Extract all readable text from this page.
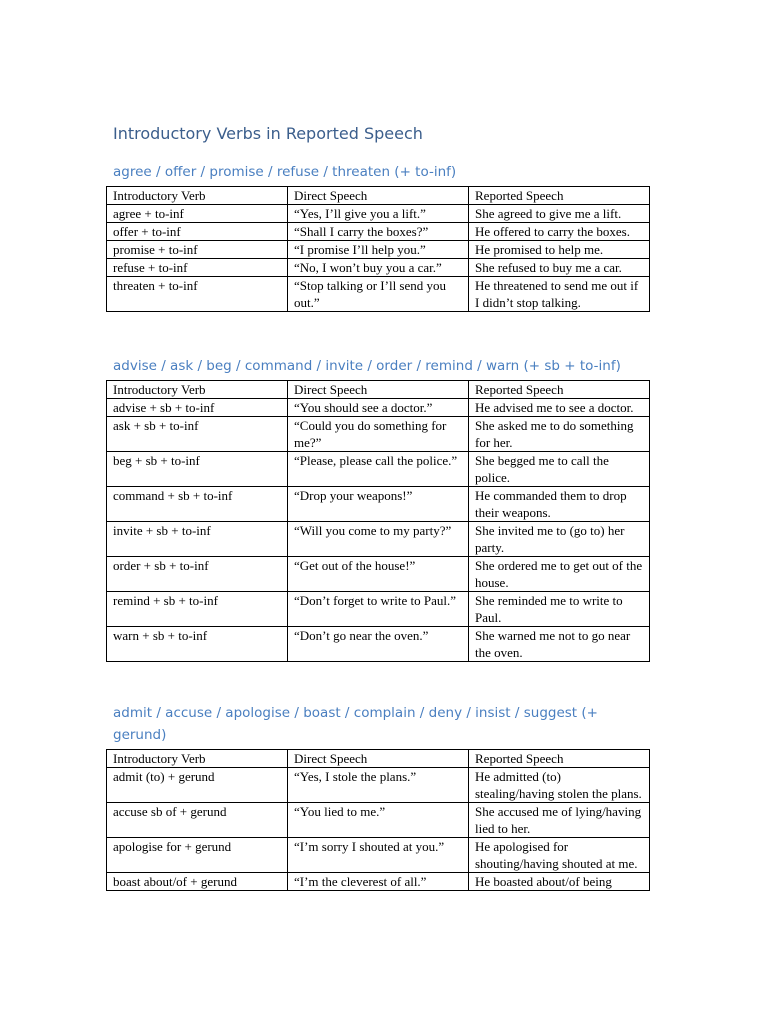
Introductory Verbs in Reported Speech
agree / offer / promise / refuse / threaten (+ to-inf)
Introductory Verb	Direct Speech	Reported Speech
agree + to-inf	“Yes, I’ll give you a lift.”	She agreed to give me a lift.
offer + to-inf	“Shall I carry the boxes?”	He offered to carry the boxes.
promise + to-inf	“I promise I’ll help you.”	He promised to help me.
refuse + to-inf	“No, I won’t buy you a car.”	She refused to buy me a car.
threaten + to-inf	“Stop talking or I’ll send you out.”	He threatened to send me out if I didn’t stop talking.
advise / ask / beg / command / invite / order / remind / warn (+ sb + to-inf)
Introductory Verb	Direct Speech	Reported Speech
advise + sb + to-inf	“You should see a doctor.”	He advised me to see a doctor.
ask + sb + to-inf	“Could you do something for me?”	She asked me to do something for her.
beg + sb + to-inf	“Please, please call the police.”	She begged me to call the police.
command + sb + to-inf	“Drop your weapons!”	He commanded them to drop their weapons.
invite + sb + to-inf	“Will you come to my party?”	She invited me to (go to) her party.
order + sb + to-inf	“Get out of the house!”	She ordered me to get out of the house.
remind + sb + to-inf	“Don’t forget to write to Paul.”	She reminded me to write to Paul.
warn + sb + to-inf	“Don’t go near the oven.”	She warned me not to go near the oven.
admit / accuse / apologise / boast / complain / deny / insist / suggest (+ gerund)
Introductory Verb	Direct Speech	Reported Speech
admit (to) + gerund	“Yes, I stole the plans.”	He admitted (to) stealing/having stolen the plans.
accuse sb of + gerund	“You lied to me.”	She accused me of lying/having lied to her.
apologise for + gerund	“I’m sorry I shouted at you.”	He apologised for shouting/having shouted at me.
boast about/of + gerund	“I’m the cleverest of all.”	He boasted about/of being
